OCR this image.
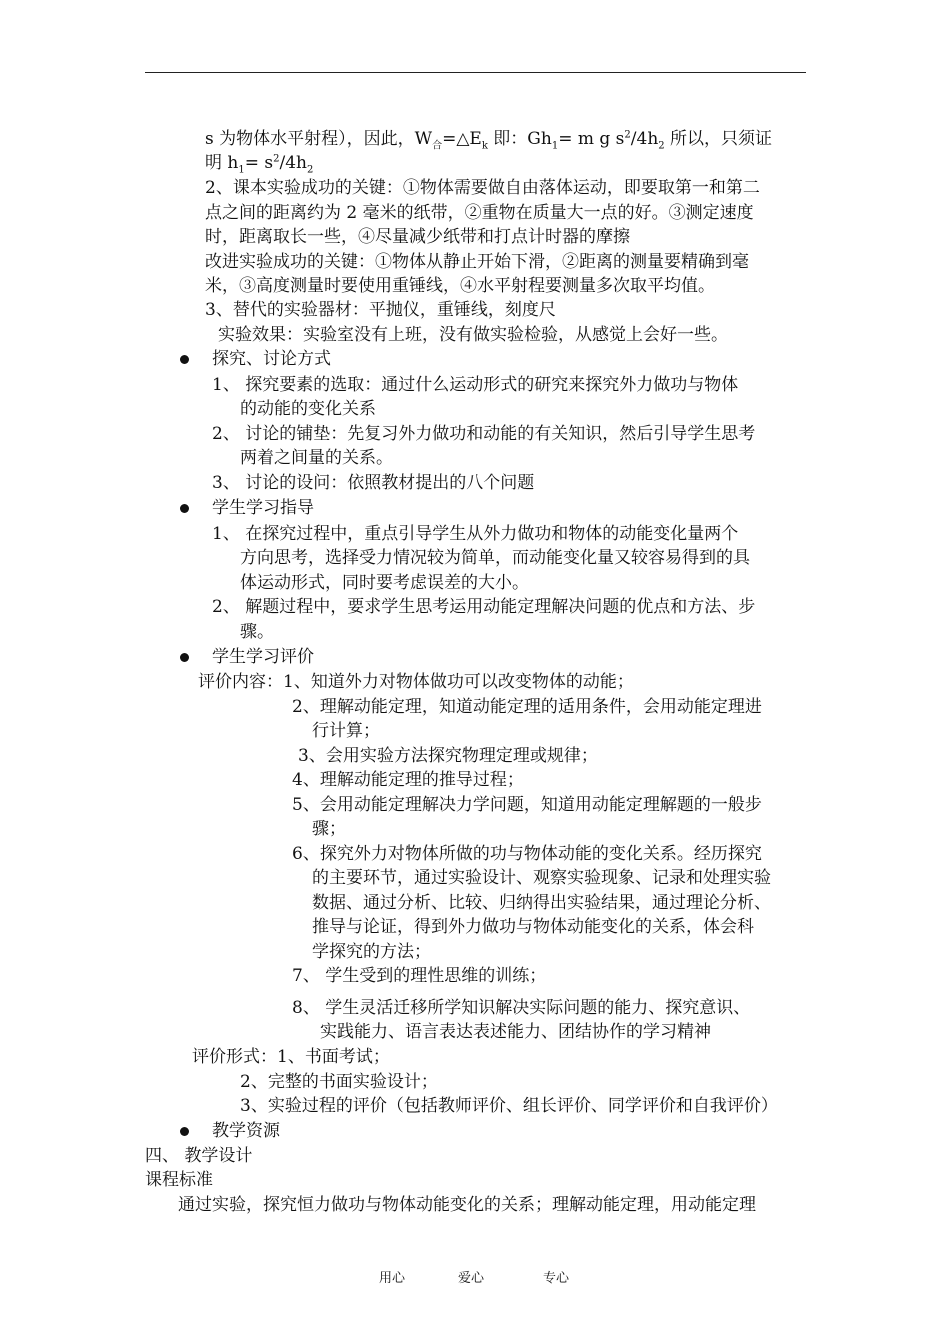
s 为物体水平射程），因此，$W_合=\triangle E_k$ 即：$Gh_1= m$ g $s^2/4h_2$ 所以，只须证
明 $h_1= s^2/4h_2$
2、课本实验成功的关键：①物体需要做自由落体运动，即要取第一和第二
点之间的距离约为 2 毫米的纸带，②重物在质量大一点的好。③测定速度
时，距离取长一些，④尽量减少纸带和打点计时器的摩擦
改进实验成功的关键：①物体从静止开始下滑，②距离的测量要精确到毫
米，③高度测量时要使用重锤线，④水平射程要测量多次取平均值。
3、替代的实验器材：平抛仪，重锤线，刻度尺
实验效果：实验室没有上班，没有做实验检验，从感觉上会好一些。
探究、讨论方式
1、 探究要素的选取：通过什么运动形式的研究来探究外力做功与物体
的动能的变化关系
2、 讨论的铺垫：先复习外力做功和动能的有关知识，然后引导学生思考
两着之间量的关系。
3、 讨论的设问：依照教材提出的八个问题
学生学习指导
1、 在探究过程中，重点引导学生从外力做功和物体的动能变化量两个
方向思考，选择受力情况较为简单，而动能变化量又较容易得到的具
体运动形式，同时要考虑误差的大小。
2、 解题过程中，要求学生思考运用动能定理解决问题的优点和方法、步
骤。
学生学习评价
评价内容：1、知道外力对物体做功可以改变物体的动能；
2、理解动能定理，知道动能定理的适用条件，会用动能定理进
行计算；
3、会用实验方法探究物理定理或规律；
4、理解动能定理的推导过程；
5、会用动能定理解决力学问题，知道用动能定理解题的一般步
骤；
6、探究外力对物体所做的功与物体动能的变化关系。经历探究
的主要环节，通过实验设计、观察实验现象、记录和处理实验
数据、通过分析、比较、归纳得出实验结果，通过理论分析、
推导与论证，得到外力做功与物体动能变化的关系，体会科
学探究的方法；
7、 学生受到的理性思维的训练；
8、 学生灵活迁移所学知识解决实际问题的能力、探究意识、
实践能力、语言表达表述能力、团结协作的学习精神
评价形式：1、书面考试；
2、完整的书面实验设计；
3、实验过程的评价（包括教师评价、组长评价、同学评价和自我评价）
教学资源
四、 教学设计
课程标准
通过实验，探究恒力做功与物体动能变化的关系；理解动能定理，用动能定理
用心	爱心	专心
